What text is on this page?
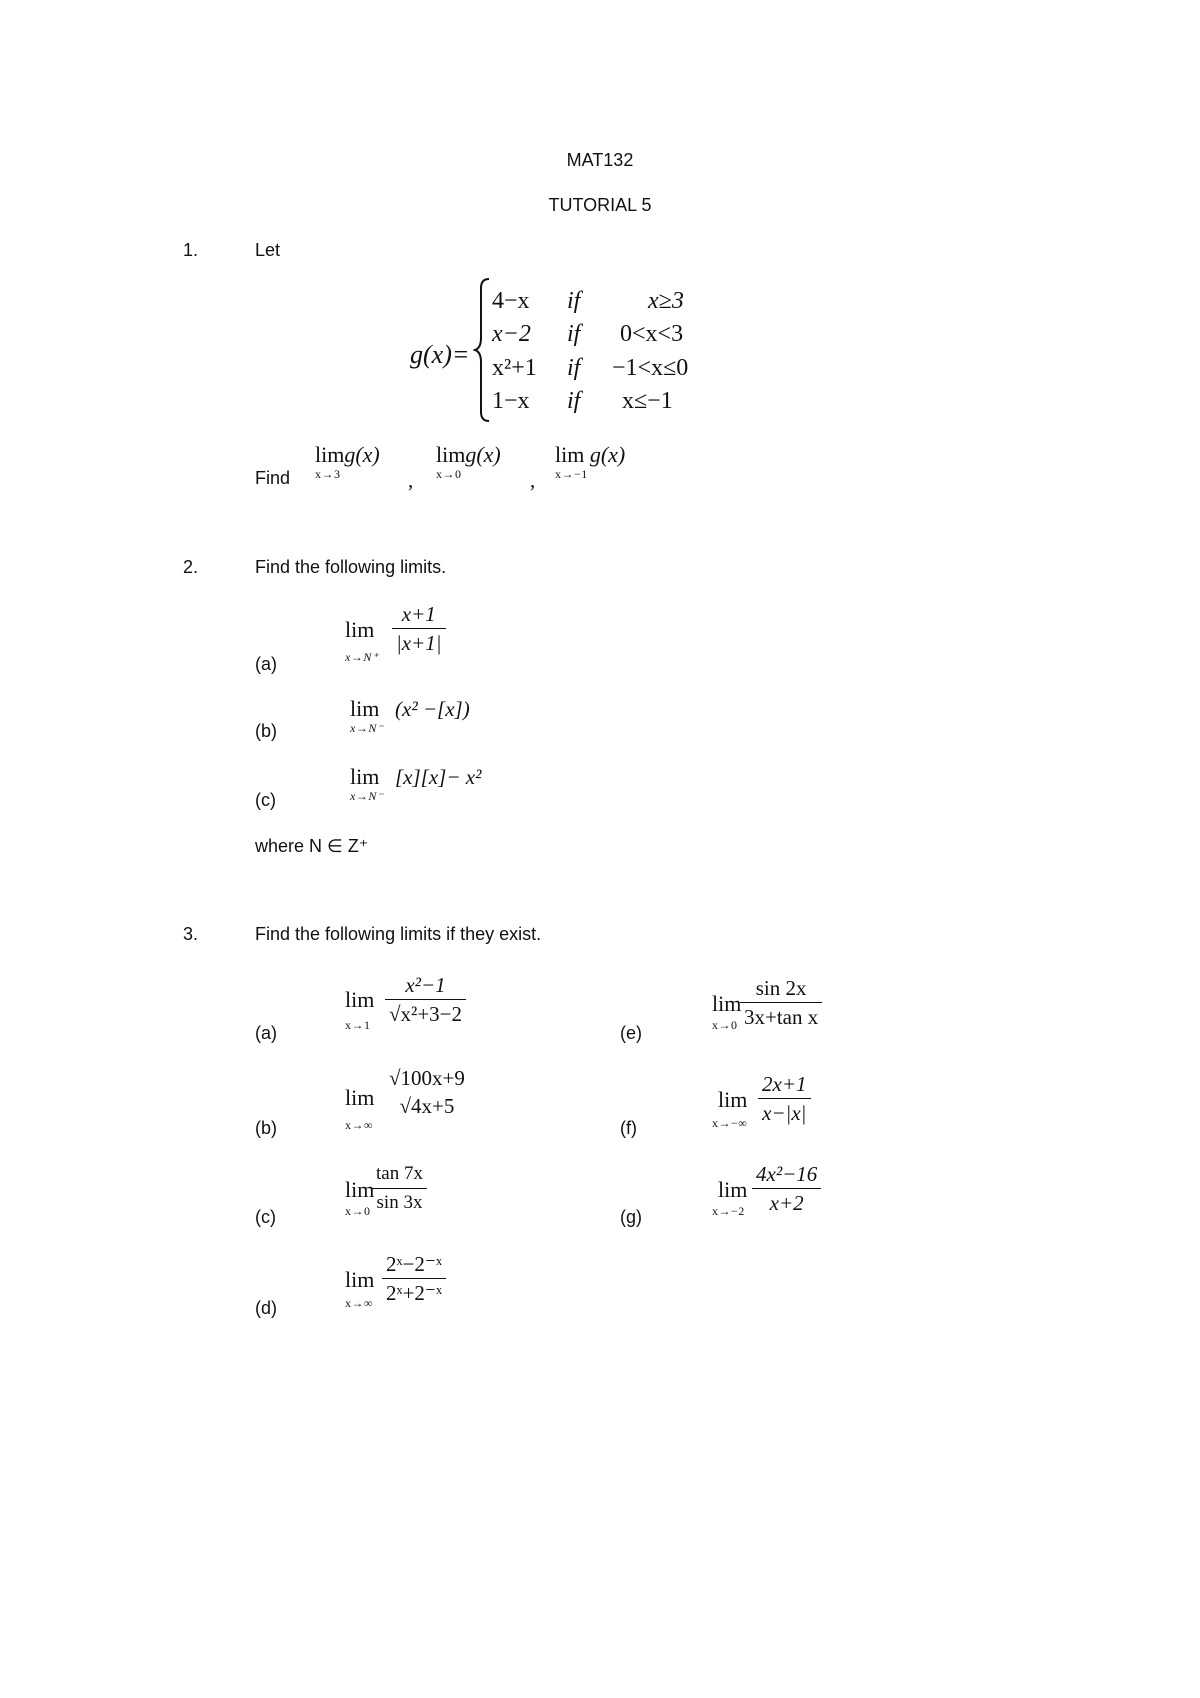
MAT132
TUTORIAL 5
1.	Let
g(x)=
4−x if	x≥3
x−2 if 0<x<3
x²+1 if −1<x≤0
1−x if x≤−1
Find
limg(x)
x→3	,
limg(x)
x→0	,
lim g(x)
x→−1
2.	Find the following limits.
(a)
lim
x→N⁺
$\frac{x+1}{|x+1|}$
(b)
lim
x→N⁻
(x² −[x])
(c)
lim
x→N⁻
[x][x]− x²
where N ∈ Z⁺
3.	Find the following limits if they exist.
(a)
lim
$x\to 1 \frac{\text{x²−1}}{\text{√x²+3−2}}$
(b)
lim
x→∞
√100x+9
√4x+5
(c)
lim
$x\to 0 \frac{\tan 7x}{\sin 3x}$
(d)
lim
$x\to\infty \frac{\text{2ˣ−2⁻ˣ}}{\text{2ˣ+2⁻ˣ}}$
(e)
lim
$x\to 0 \frac{\sin 2x}{\text{3x+tan x}}$
(f)
lim
$x\to-\infty \frac{2x+1}{x-|x|}$
(g)
lim
$x\to-2 \frac{\text{4x²−16}}{x+2}$
